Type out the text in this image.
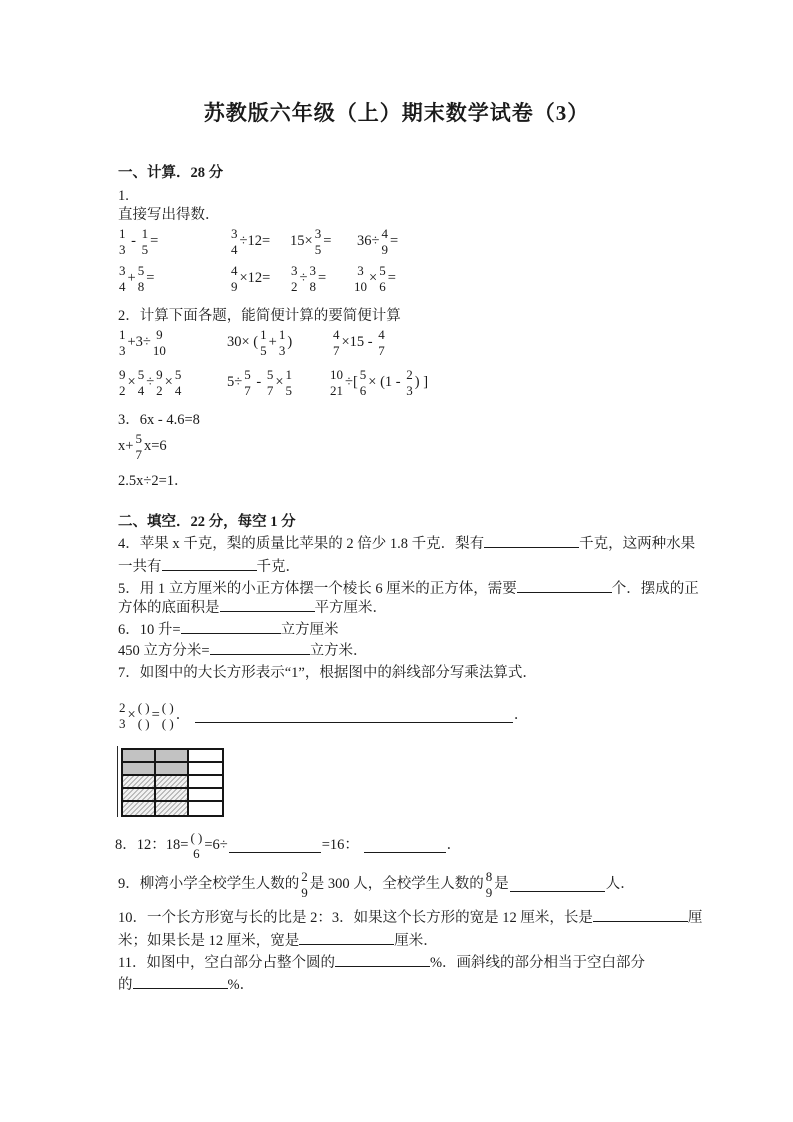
苏教版六年级（上）期末数学试卷（3）
一、计算．28 分
1.
直接写出得数．
1
3
- 1
5
=	3
4
÷12= 15× 3
5
= 36÷ 4
9
=
3
4
+ 5
8
=	4
9
×12= 3
2
÷ 3
8
= 3
10
× 5
6
=
2．计算下面各题，能简便计算的要简便计算
1
3
+3÷ 9
10
30× ( 1
5
+ 1
3
)	4
7
×15 - 4
7
9
2
× 5
4
÷ 9
2
× 5
4
5÷ 5
7
- 5
7
× 1
5
10
21
÷[ 5
6
× (1 - 2
3
) ]
3．6x - 4.6=8
x+ 5
7
x=6
2.5x÷2=1．
二、填空．22 分，每空 1 分
4．苹果 x 千克，梨的质量比苹果的 2 倍少 1.8 千克．梨有	千克，这两种水果
一共有	千克．
5．用 1 立方厘米的小正方体摆一个棱长 6 厘米的正方体，需要	个．摆成的正
方体的底面积是	平方厘米．
6．10 升=	立方厘米
450 立方分米=	立方米．
7．如图中的大长方形表示“1”，根据图中的斜线部分写乘法算式．
2
3
× ( )
( )
= ( )
( )
．	．
8．12：18= ( )
6
=6÷	=16：	．
9．柳湾小学全校学生人数的 2
9
是 300 人，全校学生人数的 8
9
是	人．
10．一个长方形宽与长的比是 2：3．如果这个长方形的宽是 12 厘米，长是	厘
米；如果长是 12 厘米，宽是	厘米．
11．如图中，空白部分占整个圆的	%．画斜线的部分相当于空白部分
的	%．
